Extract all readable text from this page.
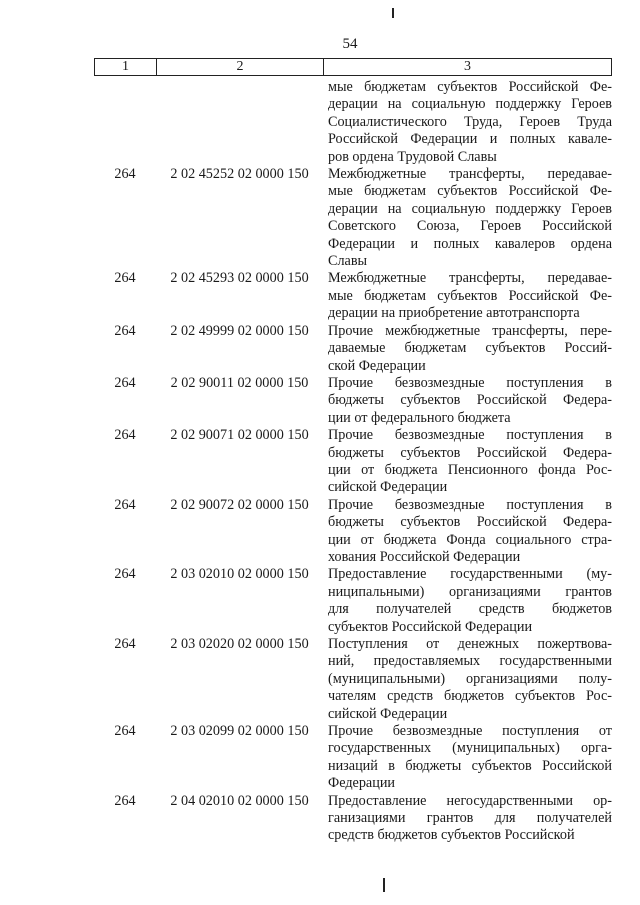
54
1	2	3
мые бюджетам субъектов Российской Фе-
дерации на социальную поддержку Героев
Социалистического Труда, Героев Труда
Российской Федерации и полных кавале-
ров ордена Трудовой Славы
264	2 02 45252 02 0000 150	Межбюджетные трансферты, передавае-
мые бюджетам субъектов Российской Фе-
дерации на социальную поддержку Героев
Советского Союза, Героев Российской
Федерации и полных кавалеров ордена
Славы
264	2 02 45293 02 0000 150	Межбюджетные трансферты, передавае-
мые бюджетам субъектов Российской Фе-
дерации на приобретение автотранспорта
264	2 02 49999 02 0000 150	Прочие межбюджетные трансферты, пере-
даваемые бюджетам субъектов Россий-
ской Федерации
264	2 02 90011 02 0000 150	Прочие безвозмездные поступления в
бюджеты субъектов Российской Федера-
ции от федерального бюджета
264	2 02 90071 02 0000 150	Прочие безвозмездные поступления в
бюджеты субъектов Российской Федера-
ции от бюджета Пенсионного фонда Рос-
сийской Федерации
264	2 02 90072 02 0000 150	Прочие безвозмездные поступления в
бюджеты субъектов Российской Федера-
ции от бюджета Фонда социального стра-
хования Российской Федерации
264	2 03 02010 02 0000 150	Предоставление государственными (му-
ниципальными) организациями грантов
для получателей средств бюджетов
субъектов Российской Федерации
264	2 03 02020 02 0000 150	Поступления от денежных пожертвова-
ний, предоставляемых государственными
(муниципальными) организациями полу-
чателям средств бюджетов субъектов Рос-
сийской Федерации
264	2 03 02099 02 0000 150	Прочие безвозмездные поступления от
государственных (муниципальных) орга-
низаций в бюджеты субъектов Российской
Федерации
264	2 04 02010 02 0000 150	Предоставление негосударственными ор-
ганизациями грантов для получателей
средств бюджетов субъектов Российской
